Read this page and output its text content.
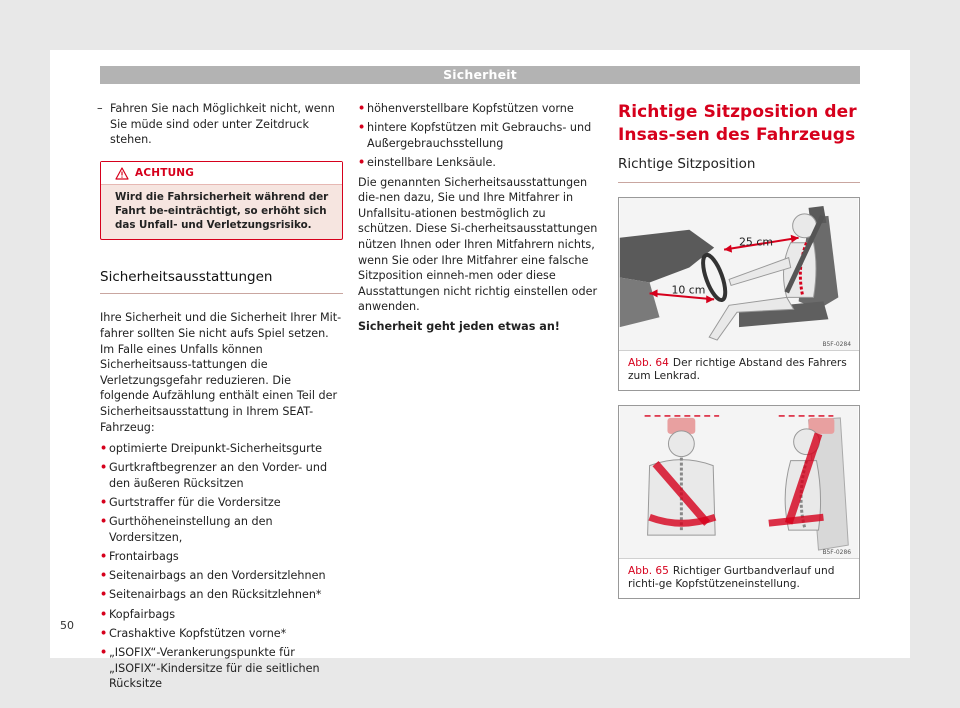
Sicherheit
– Fahren Sie nach Möglichkeit nicht, wenn Sie müde sind oder unter Zeitdruck stehen.
ACHTUNG
Wird die Fahrsicherheit während der Fahrt be-einträchtigt, so erhöht sich das Unfall- und Verletzungsrisiko.
Sicherheitsausstattungen
Ihre Sicherheit und die Sicherheit Ihrer Mit-fahrer sollten Sie nicht aufs Spiel setzen. Im Falle eines Unfalls können Sicherheitsauss-tattungen die Verletzungsgefahr reduzieren. Die folgende Aufzählung enthält einen Teil der Sicherheitsausstattung in Ihrem SEAT-Fahrzeug:
• optimierte Dreipunkt-Sicherheitsgurte
• Gurtkraftbegrenzer an den Vorder- und den äußeren Rücksitzen
• Gurtstraffer für die Vordersitze
• Gurthöheneinstellung an den Vordersitzen,
• Frontairbags
• Seitenairbags an den Vordersitzlehnen
• Seitenairbags an den Rücksitzlehnen*
• Kopfairbags
• Crashaktive Kopfstützen vorne*
• „ISOFIX“-Verankerungspunkte für „ISOFIX“-Kindersitze für die seitlichen Rücksitze
• höhenverstellbare Kopfstützen vorne
• hintere Kopfstützen mit Gebrauchs- und Außergebrauchsstellung
• einstellbare Lenksäule.
Die genannten Sicherheitsausstattungen die-nen dazu, Sie und Ihre Mitfahrer in Unfallsitu-ationen bestmöglich zu schützen. Diese Si-cherheitsausstattungen nützen Ihnen oder Ihren Mitfahrern nichts, wenn Sie oder Ihre Mitfahrer eine falsche Sitzposition einneh-men oder diese Ausstattungen nicht richtig einstellen oder anwenden.
Sicherheit geht jeden etwas an!
Richtige Sitzposition der Insas-sen des Fahrzeugs
Richtige Sitzposition
25 cm
10 cm
B5F-0284
Abb. 64 Der richtige Abstand des Fahrers zum Lenkrad.
B5F-0286
Abb. 65 Richtiger Gurtbandverlauf und richti-ge Kopfstützeneinstellung.
50
